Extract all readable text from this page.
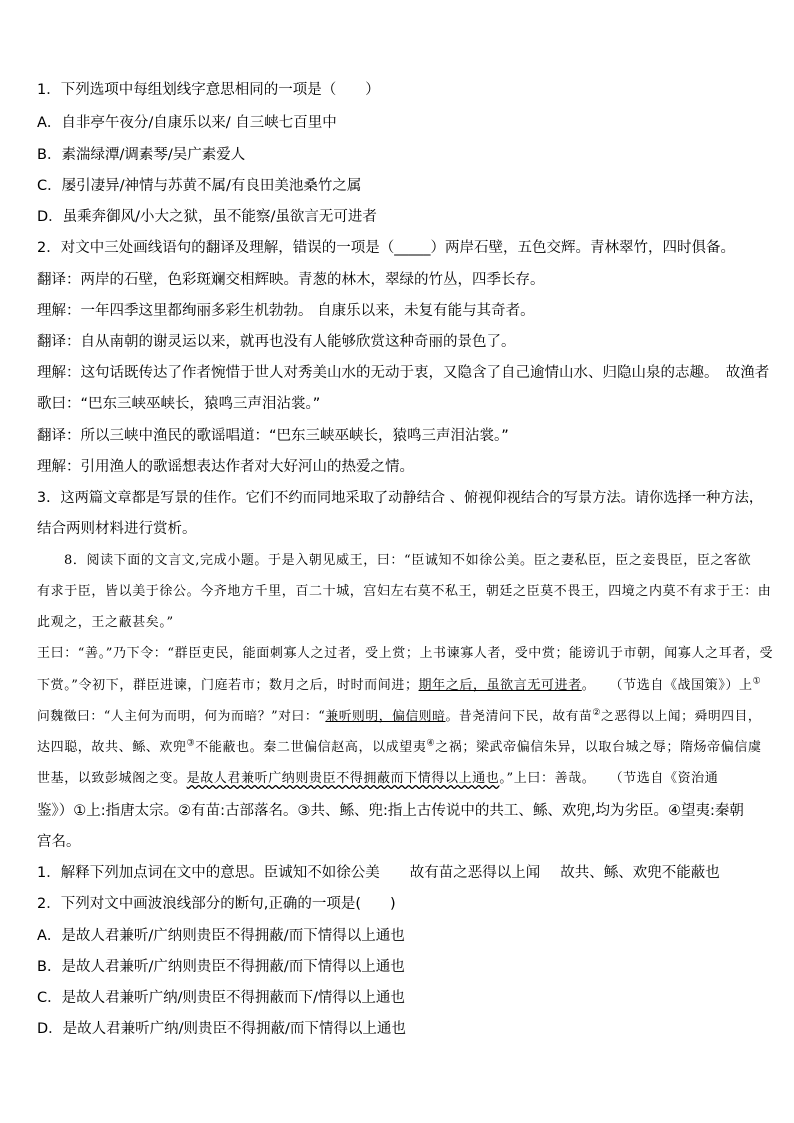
1．下列选项中每组划线字意思相同的一项是（　　）
A．自非亭午夜分/自康乐以来/ 自三峡七百里中
B．素湍绿潭/调素琴/吴广素爱人
C．屡引凄异/神情与苏黄不属/有良田美池桑竹之属
D．虽乘奔御风/小大之狱，虽不能察/虽欲言无可进者
2．对文中三处画线语句的翻译及理解，错误的一项是（_____）两岸石壁，五色交辉。青林翠竹，四时俱备。
翻译：两岸的石壁，色彩斑斓交相辉映。青葱的林木，翠绿的竹丛，四季长存。
理解：一年四季这里都绚丽多彩生机勃勃。 自康乐以来，未复有能与其奇者。
翻译：自从南朝的谢灵运以来，就再也没有人能够欣赏这种奇丽的景色了。
理解：这句话既传达了作者惋惜于世人对秀美山水的无动于衷，又隐含了自己逾情山水、归隐山泉的志趣。　故渔者
歌曰：“巴东三峡巫峡长，猿鸣三声泪沾裳。”
翻译：所以三峡中渔民的歌谣唱道：“巴东三峡巫峡长，猿鸣三声泪沾裳。”
理解：引用渔人的歌谣想表达作者对大好河山的热爱之情。
3．这两篇文章都是写景的佳作。它们不约而同地采取了动静结合 、俯视仰视结合的写景方法。请你选择一种方法，
结合两则材料进行赏析。
8．阅读下面的文言文,完成小题。于是入朝见威王，曰：“臣诚知不如徐公美。臣之妻私臣，臣之妾畏臣，臣之客欲
有求于臣，皆以美于徐公。今齐地方千里，百二十城，宫妇左右莫不私王，朝廷之臣莫不畏王，四境之内莫不有求于王：由
此观之，王之蔽甚矣。”
王曰：“善。”乃下令：“群臣吏民，能面刺寡人之过者，受上赏；上书谏寡人者，受中赏；能谤讥于市朝，闻寡人之耳者，受
下赏。”令初下，群臣进谏，门庭若市；数月之后，时时而间进；期年之后，虽欲言无可进者。　　（节选自《战国策》）上①
问魏徵曰：“人主何为而明，何为而暗？”对曰：“兼听则明，偏信则暗。昔尧清问下民，故有苗②之恶得以上闻；舜明四目，
达四聪，故共、鲧、欢兜③不能蔽也。秦二世偏信赵高，以成望夷④之祸；梁武帝偏信朱异，以取台城之辱；隋炀帝偏信虞
世基，以致彭城阁之变。是故人君兼听广纳则贵臣不得拥蔽而下情得以上通也。”上曰：善哉。　　（节选自《资治通
鉴》）①上:指唐太宗。②有苗:古部落名。③共、鲧、兜:指上古传说中的共工、鲧、欢兜,均为劣臣。④望夷:秦朝
宫名。
1．解释下列加点词在文中的意思。臣诚知不如徐公美 故有苗之恶得以上闻 故共、鲧、欢兜不能蔽也
2．下列对文中画波浪线部分的断句,正确的一项是(　　)
A．是故人君兼听/广纳则贵臣不得拥蔽/而下情得以上通也
B．是故人君兼听/广纳则贵臣不得拥蔽/而下情得以上通也
C．是故人君兼听广纳/则贵臣不得拥蔽而下/情得以上通也
D．是故人君兼听广纳/则贵臣不得拥蔽/而下情得以上通也
